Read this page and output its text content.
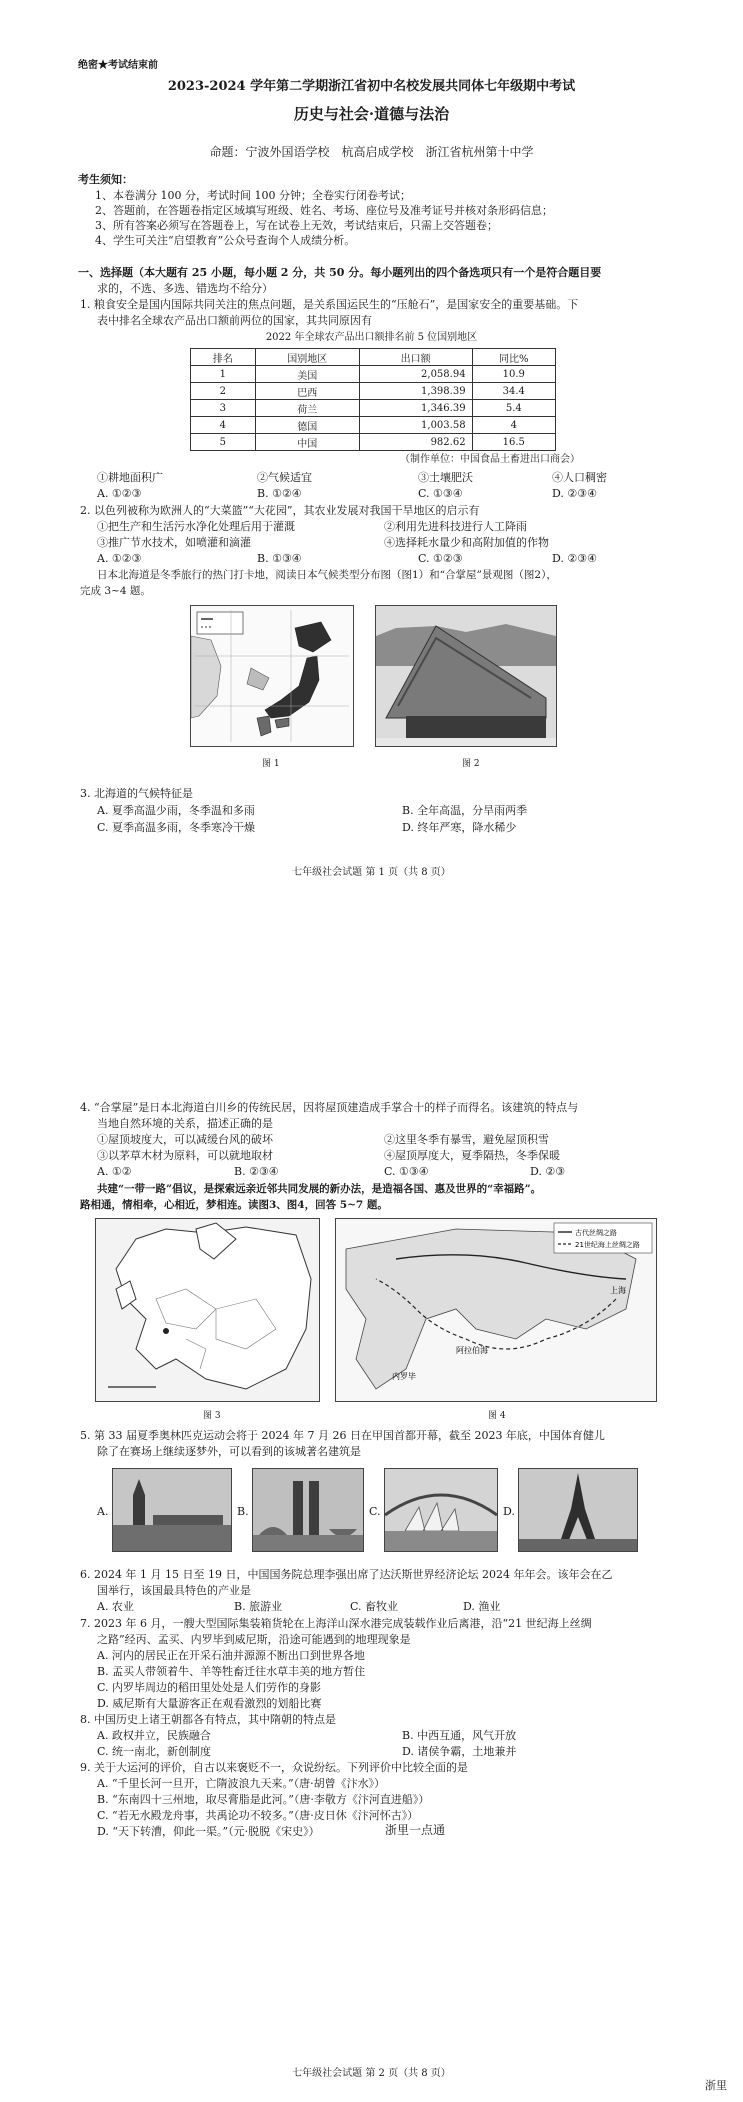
绝密★考试结束前
2023-2024 学年第二学期浙江省初中名校发展共同体七年级期中考试
历史与社会·道德与法治
命题：宁波外国语学校　杭高启成学校　浙江省杭州第十中学
考生须知：
1、本卷满分 100 分，考试时间 100 分钟；全卷实行闭卷考试；
2、答题前，在答题卷指定区域填写班级、姓名、考场、座位号及准考证号并核对条形码信息；
3、所有答案必须写在答题卷上，写在试卷上无效，考试结束后，只需上交答题卷；
4、学生可关注“启望教育”公众号查询个人成绩分析。
一、选择题（本大题有 25 小题，每小题 2 分，共 50 分。每小题列出的四个备选项只有一个是符合题目要
求的，不选、多选、错选均不给分）
1. 粮食安全是国内国际共同关注的焦点问题，是关系国运民生的“压舱石”，是国家安全的重要基础。下
表中排名全球农产品出口额前两位的国家，其共同原因有
2022 年全球农产品出口额排名前 5 位国别地区
排名	国别地区	出口额	同比%
1	美国	2,058.94	10.9
2	巴西	1,398.39	34.4
3	荷兰	1,346.39	5.4
4	德国	1,003.58	4
5	中国	982.62	16.5
（制作单位：中国食品土畜进出口商会）
①耕地面积广	②气候适宜	③土壤肥沃	④人口稠密
A. ①②③	B. ①②④	C. ①③④	D. ②③④
2. 以色列被称为欧洲人的“大菜篮”“大花园”，其农业发展对我国干旱地区的启示有
①把生产和生活污水净化处理后用于灌溉	②利用先进科技进行人工降雨
③推广节水技术，如喷灌和滴灌	④选择耗水量少和高附加值的作物
A. ①②③	B. ①③④	C. ①②③	D. ②③④
日本北海道是冬季旅行的热门打卡地，阅读日本气候类型分布图（图1）和“合掌屋”景观图（图2），
完成 3~4 题。
图 1	图 2
3. 北海道的气候特征是
A. 夏季高温少雨，冬季温和多雨	B. 全年高温，分旱雨两季
C. 夏季高温多雨，冬季寒冷干燥	D. 终年严寒，降水稀少
七年级社会试题 第 1 页（共 8 页）
4. “合掌屋”是日本北海道白川乡的传统民居，因将屋顶建造成手掌合十的样子而得名。该建筑的特点与
当地自然环境的关系，描述正确的是
①屋顶坡度大，可以减缓台风的破坏	②这里冬季有暴雪，避免屋顶积雪
③以茅草木材为原料，可以就地取材	④屋顶厚度大，夏季隔热，冬季保暖
A. ①②	B. ②③④	C. ①③④	D. ②③
共建“一带一路”倡议，是探索远亲近邻共同发展的新办法，是造福各国、惠及世界的“幸福路”。
路相通，情相牵，心相近，梦相连。读图3、图4，回答 5~7 题。
图 3
古代丝绸之路
21世纪海上丝绸之路
上海
阿拉伯海
内罗毕
图 4
5. 第 33 届夏季奥林匹克运动会将于 2024 年 7 月 26 日在甲国首都开幕，截至 2023 年底，中国体育健儿
除了在赛场上继续逐梦外，可以看到的该城著名建筑是
A.	B.	C.	D.
6. 2024 年 1 月 15 日至 19 日，中国国务院总理李强出席了达沃斯世界经济论坛 2024 年年会。该年会在乙
国举行，该国最具特色的产业是
A. 农业	B. 旅游业	C. 畜牧业	D. 渔业
7. 2023 年 6 月，一艘大型国际集装箱货轮在上海洋山深水港完成装载作业后离港，沿“21 世纪海上丝绸
之路”经丙、孟买、内罗毕到威尼斯，沿途可能遇到的地理现象是
A. 河内的居民正在开采石油并源源不断出口到世界各地
B. 孟买人带领着牛、羊等牲畜迁往水草丰美的地方暂住
C. 内罗毕周边的稻田里处处是人们劳作的身影
D. 威尼斯有大量游客正在观看激烈的划船比赛
8. 中国历史上诸王朝都各有特点，其中隋朝的特点是
A. 政权并立，民族融合	B. 中西互通，风气开放
C. 统一南北，新创制度	D. 诸侯争霸，土地兼并
9. 关于大运河的评价，自古以来褒贬不一，众说纷纭。下列评价中比较全面的是
A. “千里长河一旦开，亡隋波浪九天来。”（唐·胡曾《汴水》）
B. “东南四十三州地，取尽膏脂是此河。”（唐·李敬方《汴河直进船》）
C. “若无水殿龙舟事，共禹论功不较多。”（唐·皮日休《汴河怀古》）
D. “天下转漕，仰此一渠。”（元·脱脱《宋史》）	浙里一点通
七年级社会试题 第 2 页（共 8 页）
浙里
